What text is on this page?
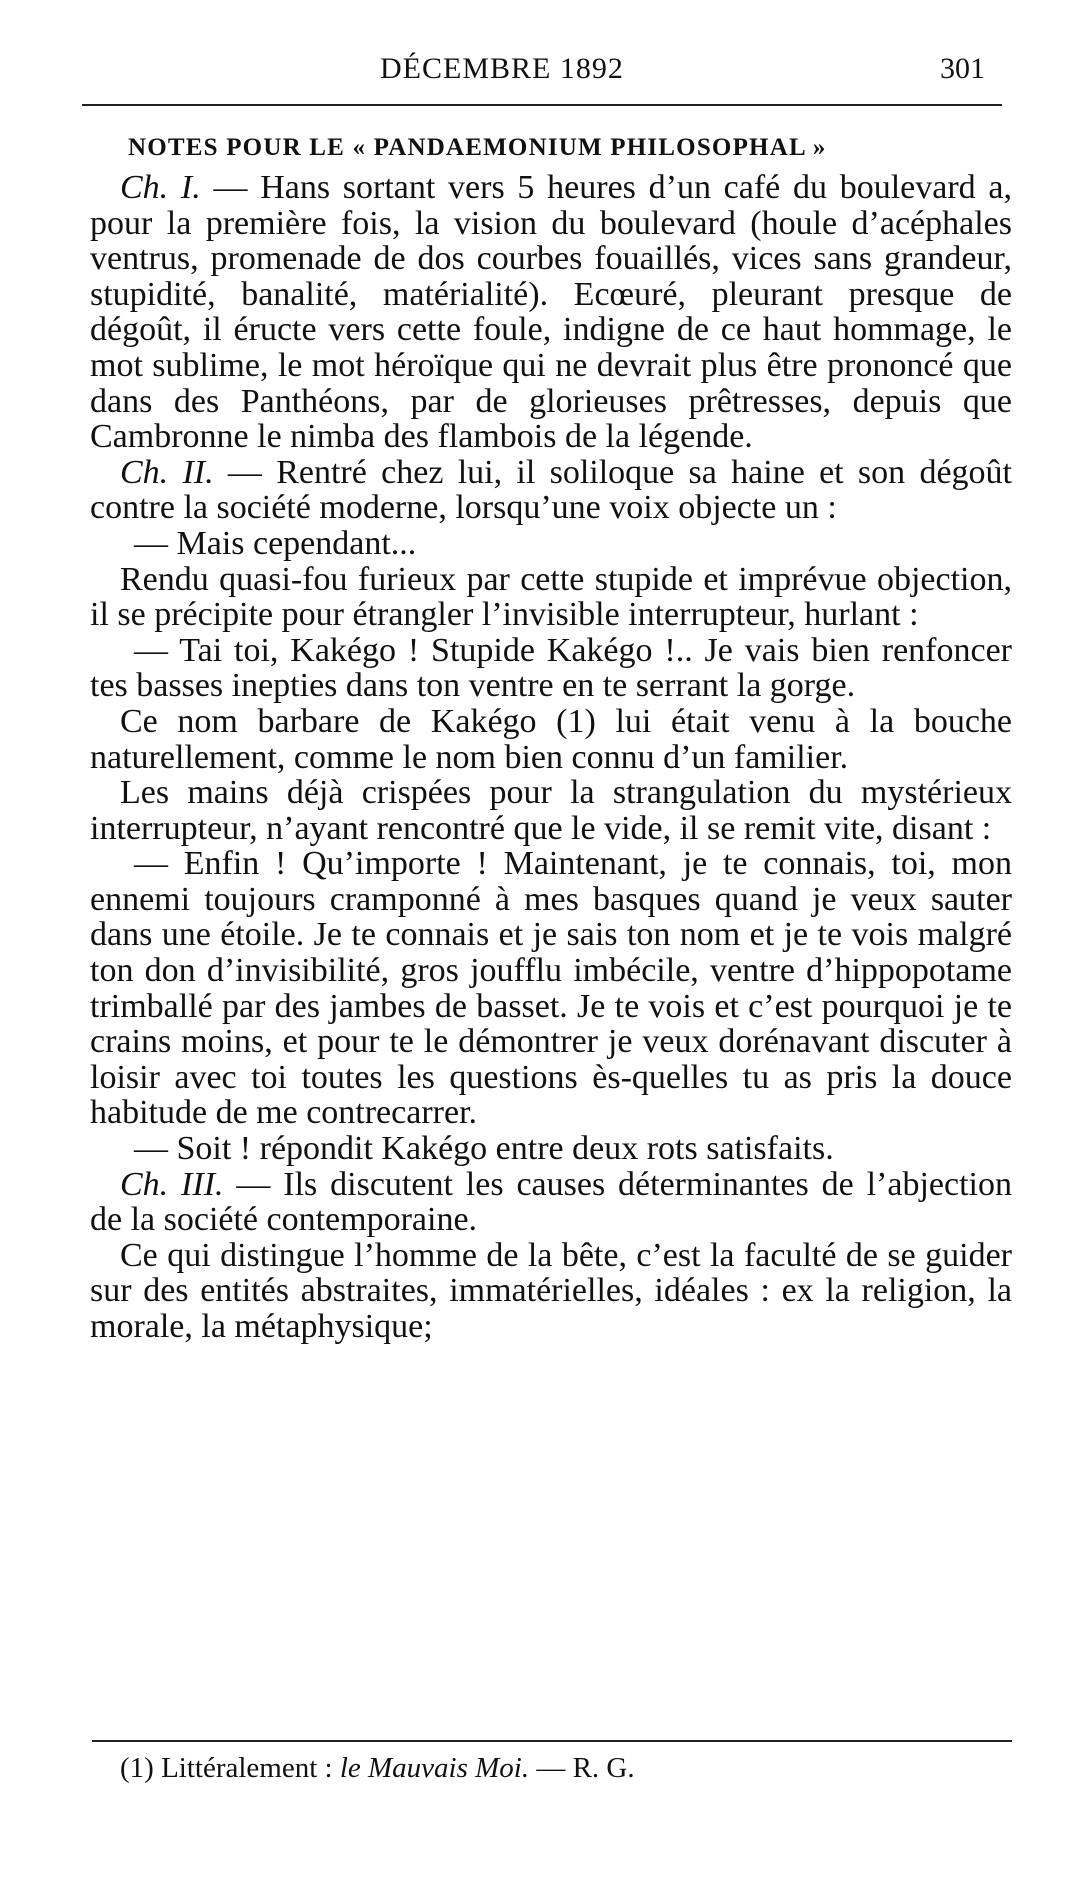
DÉCEMBRE 1892	301
NOTES POUR LE « PANDAEMONIUM PHILOSOPHAL »

Ch. I. — Hans sortant vers 5 heures d’un café du boulevard a, pour la première fois, la vision du boulevard (houle d’acéphales ventrus, promenade de dos courbes fouaillés, vices sans grandeur, stupidité, banalité, matérialité). Ecœuré, pleurant presque de dégoût, il éructe vers cette foule, indigne de ce haut hommage, le mot sublime, le mot héroïque qui ne devrait plus être prononcé que dans des Panthéons, par de glorieuses prêtresses, depuis que Cambronne le nimba des flambois de la légende.

Ch. II. — Rentré chez lui, il soliloque sa haine et son dégoût contre la société moderne, lorsqu’une voix objecte un :

— Mais cependant...

Rendu quasi-fou furieux par cette stupide et imprévue objection, il se précipite pour étrangler l’invisible interrupteur, hurlant :

— Tai toi, Kakégo ! Stupide Kakégo !.. Je vais bien renfoncer tes basses inepties dans ton ventre en te serrant la gorge.

Ce nom barbare de Kakégo (1) lui était venu à la bouche naturellement, comme le nom bien connu d’un familier.

Les mains déjà crispées pour la strangulation du mystérieux interrupteur, n’ayant rencontré que le vide, il se remit vite, disant :

— Enfin ! Qu’importe ! Maintenant, je te connais, toi, mon ennemi toujours cramponné à mes basques quand je veux sauter dans une étoile. Je te connais et je sais ton nom et je te vois malgré ton don d’invisibilité, gros joufflu imbécile, ventre d’hippopotame trimballé par des jambes de basset. Je te vois et c’est pourquoi je te crains moins, et pour te le démontrer je veux dorénavant discuter à loisir avec toi toutes les questions ès-quelles tu as pris la douce habitude de me contrecarrer.

— Soit ! répondit Kakégo entre deux rots satisfaits.

Ch. III. — Ils discutent les causes déterminantes de l’abjection de la société contemporaine.

Ce qui distingue l’homme de la bête, c’est la faculté de se guider sur des entités abstraites, immatérielles, idéales : ex la religion, la morale, la métaphysique;

(1) Littéralement : le Mauvais Moi. — R. G.
